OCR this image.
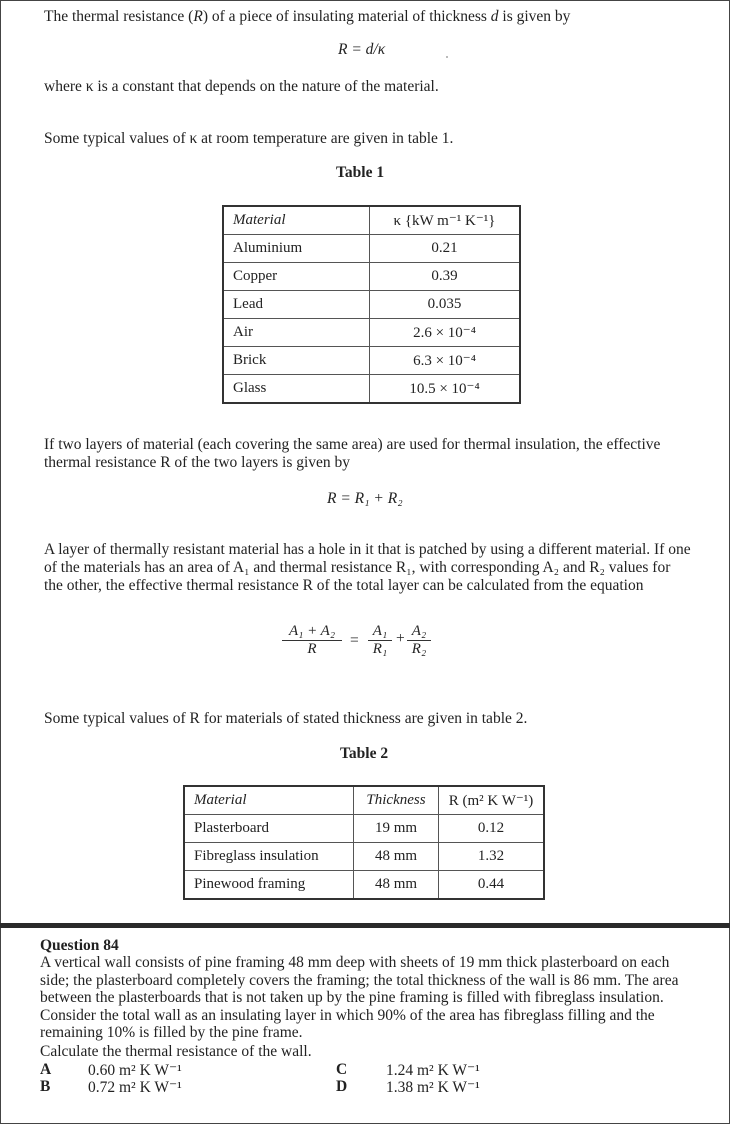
The thermal resistance (R) of a piece of insulating material of thickness d is given by
R = d/κ
where κ is a constant that depends on the nature of the material.
Some typical values of κ at room temperature are given in table 1.
Table 1
Material	κ {kW m⁻¹ K⁻¹}
Aluminium	0.21
Copper	0.39
Lead	0.035
Air	2.6 × 10⁻⁴
Brick	6.3 × 10⁻⁴
Glass	10.5 × 10⁻⁴
If two layers of material (each covering the same area) are used for thermal insulation, the effective thermal resistance R of the two layers is given by
R = R₁ + R₂
A layer of thermally resistant material has a hole in it that is patched by using a different material. If one of the materials has an area of A₁ and thermal resistance R₁, with corresponding A₂ and R₂ values for the other, the effective thermal resistance R of the total layer can be calculated from the equation
$\frac{\text{A₁ + A₂}}{R} = \frac{\text{A₁}}{\text{R₁}} + \frac{\text{A₂}}{\text{R₂}}$
Some typical values of R for materials of stated thickness are given in table 2.
Table 2
Material	Thickness	R (m² K W⁻¹)
Plasterboard	19 mm	0.12
Fibreglass insulation	48 mm	1.32
Pinewood framing	48 mm	0.44
Question 84
A vertical wall consists of pine framing 48 mm deep with sheets of 19 mm thick plasterboard on each side; the plasterboard completely covers the framing; the total thickness of the wall is 86 mm. The area between the plasterboards that is not taken up by the pine framing is filled with fibreglass insulation. Consider the total wall as an insulating layer in which 90% of the area has fibreglass filling and the remaining 10% is filled by the pine frame.
Calculate the thermal resistance of the wall.
A 0.60 m² K W⁻¹
B 0.72 m² K W⁻¹
C	1.24 m² K W⁻¹
D	1.38 m² K W⁻¹
